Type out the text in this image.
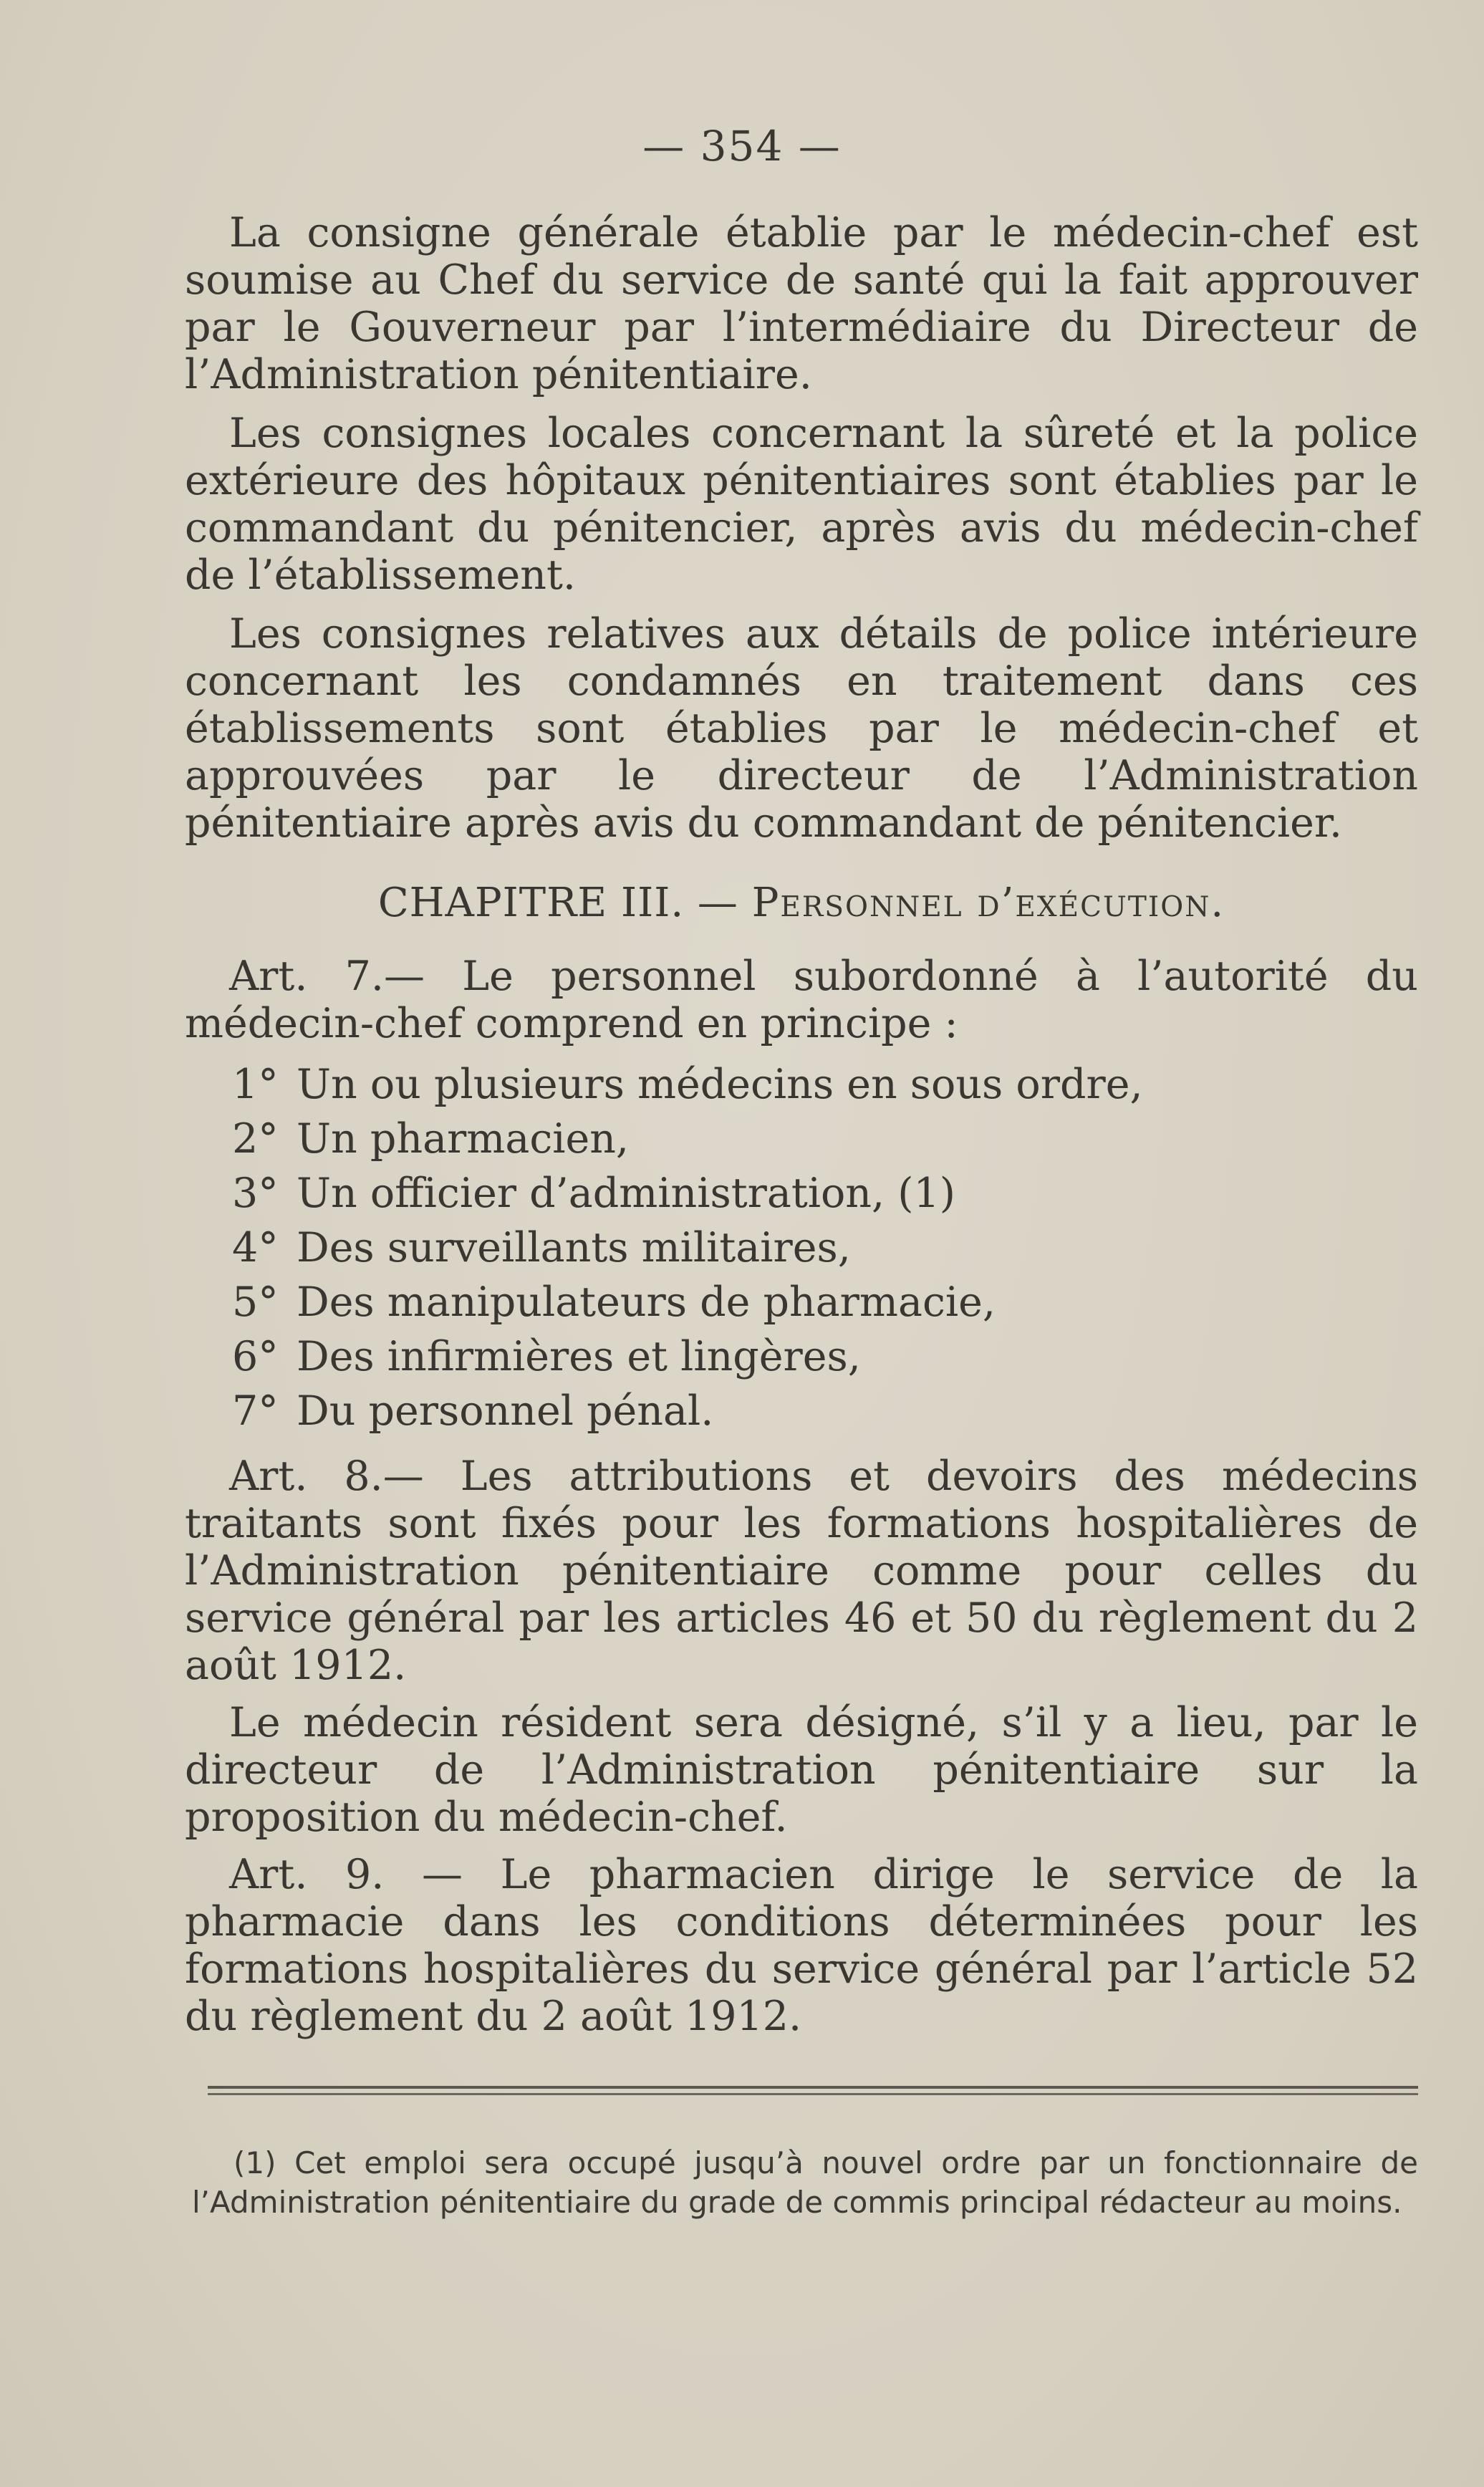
— 354 —

La consigne générale établie par le médecin-chef est soumise au Chef du service de santé qui la fait approuver par le Gouverneur par l’intermédiaire du Directeur de l’Administration pénitentiaire.

Les consignes locales concernant la sûreté et la police extérieure des hôpitaux pénitentiaires sont établies par le commandant du pénitencier, après avis du médecin-chef de l’établissement.

Les consignes relatives aux détails de police intérieure concernant les condamnés en traitement dans ces établissements sont établies par le médecin-chef et approuvées par le directeur de l’Administration pénitentiaire après avis du commandant de pénitencier.

CHAPITRE III. — Personnel d’exécution.

Art. 7.— Le personnel subordonné à l’autorité du médecin-chef comprend en principe :

1° Un ou plusieurs médecins en sous ordre,
2° Un pharmacien,
3° Un officier d’administration, (1)
4° Des surveillants militaires,
5° Des manipulateurs de pharmacie,
6° Des infirmières et lingères,
7° Du personnel pénal.

Art. 8.— Les attributions et devoirs des médecins traitants sont fixés pour les formations hospitalières de l’Administration pénitentiaire comme pour celles du service général par les articles 46 et 50 du règlement du 2 août 1912.

Le médecin résident sera désigné, s’il y a lieu, par le directeur de l’Administration pénitentiaire sur la proposition du médecin-chef.

Art. 9. — Le pharmacien dirige le service de la pharmacie dans les conditions déterminées pour les formations hospitalières du service général par l’article 52 du règlement du 2 août 1912.

(1) Cet emploi sera occupé jusqu’à nouvel ordre par un fonctionnaire de l’Administration pénitentiaire du grade de commis principal rédacteur au moins.
